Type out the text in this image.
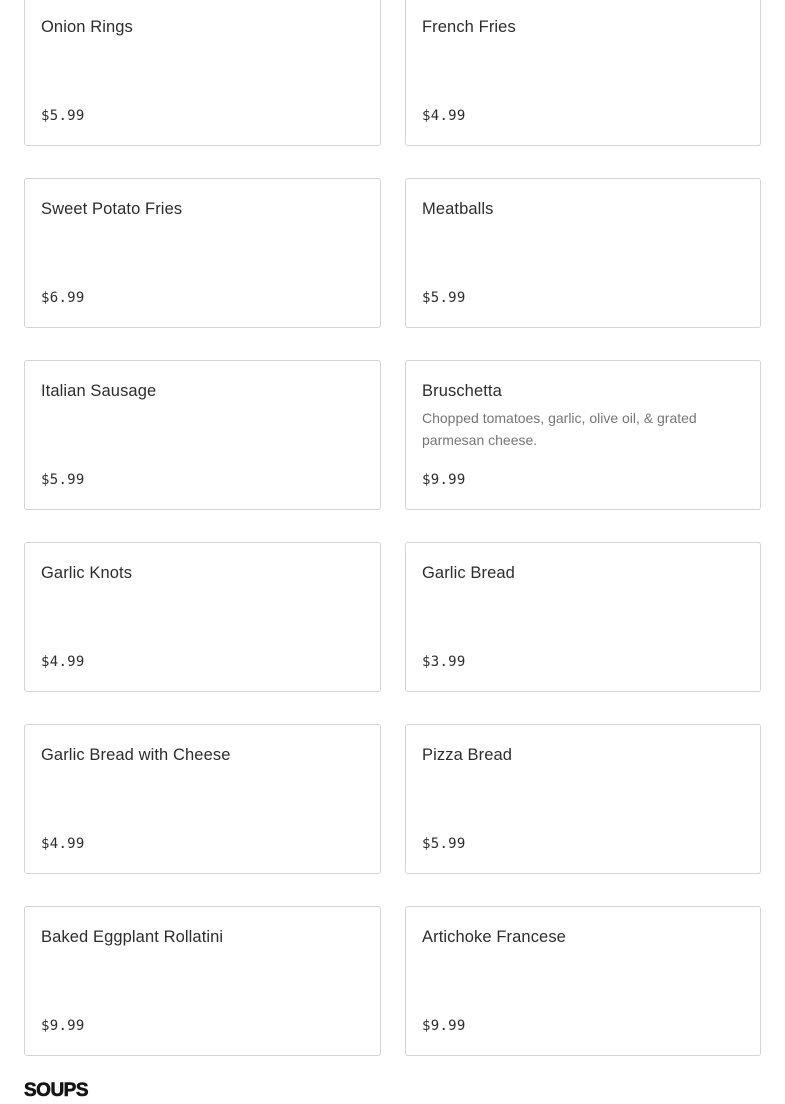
Onion Rings
$5.99
French Fries
$4.99
Sweet Potato Fries
$6.99
Meatballs
$5.99
Italian Sausage
$5.99
Bruschetta
Chopped tomatoes, garlic, olive oil, & grated parmesan cheese.
$9.99
Garlic Knots
$4.99
Garlic Bread
$3.99
Garlic Bread with Cheese
$4.99
Pizza Bread
$5.99
Baked Eggplant Rollatini
$9.99
Artichoke Francese
$9.99
SOUPS
